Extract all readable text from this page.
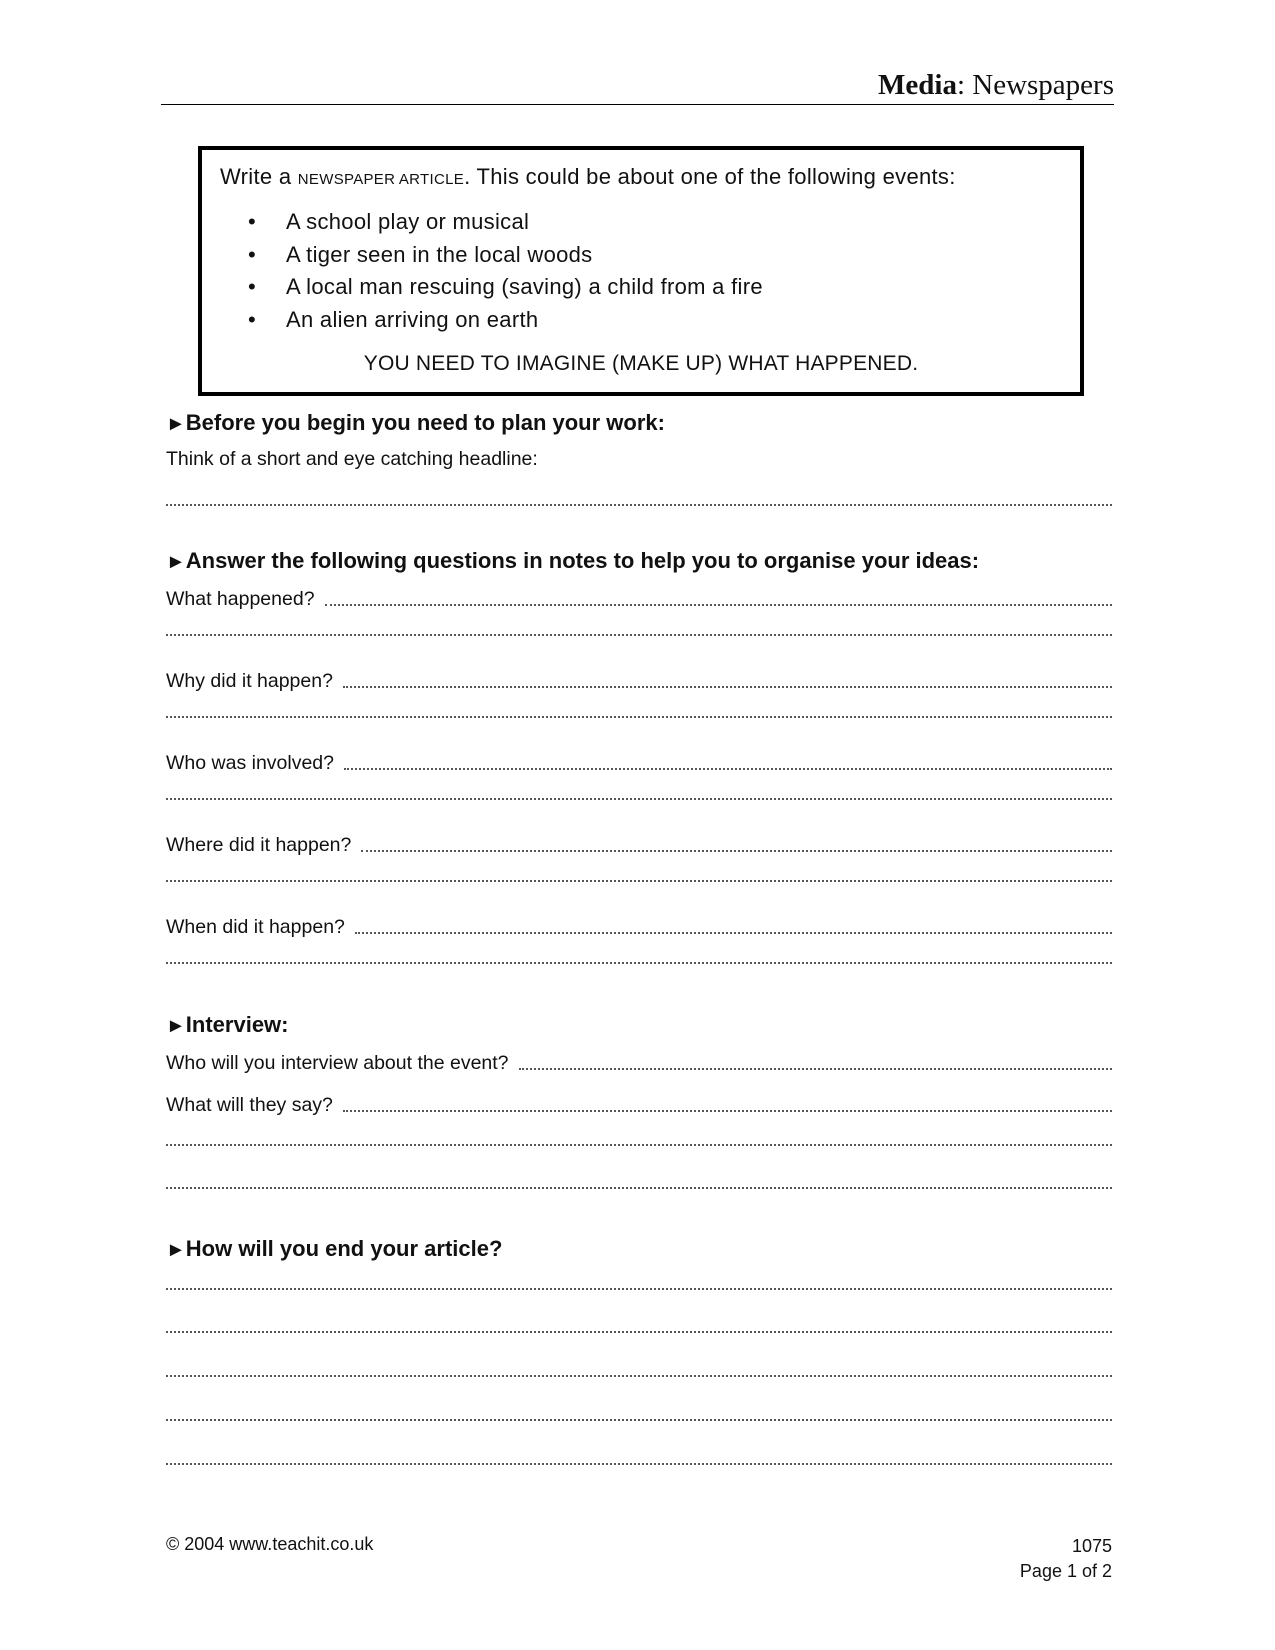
Media: Newspapers
Write a NEWSPAPER ARTICLE. This could be about one of the following events:
• A school play or musical
• A tiger seen in the local woods
• A local man rescuing (saving) a child from a fire
• An alien arriving on earth
YOU NEED TO IMAGINE (MAKE UP) WHAT HAPPENED.
►Before you begin you need to plan your work:
Think of a short and eye catching headline:
►Answer the following questions in notes to help you to organise your ideas:
What happened?
Why did it happen?
Who was involved?
Where did it happen?
When did it happen?
►Interview:
Who will you interview about the event?
What will they say?
►How will you end your article?
© 2004 www.teachit.co.uk	1075
Page 1 of 2
